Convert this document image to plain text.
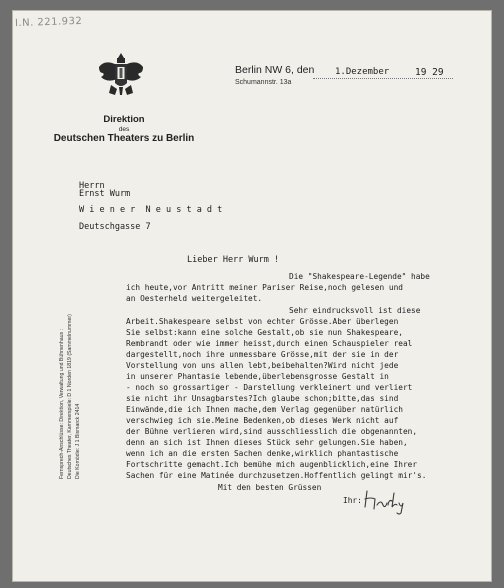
I.N. 221.932
Direktion
des
Deutschen Theaters zu Berlin
Berlin NW 6, den
Schumannstr. 13a
1.Dezember	19 29
Fernsprech-Anschlüsse: Direktion, Verwaltung und Bühnenhaus : Deutsches Theater, Kammerspiele: D 1 Norden 1819 (Sammelnummer) Die Komödie: J 1 Bismarck 2414
Herrn
Ernst Wurm
W i e n e r  N e u s t a d t
Deutschgasse 7
Lieber Herr Wurm !
Die "Shakespeare-Legende" habe
ich heute,vor Antritt meiner Pariser Reise,noch gelesen und
an Oesterheld weitergeleitet.
Sehr eindrucksvoll ist diese
Arbeit.Shakespeare selbst von echter Grösse.Aber überlegen
Sie selbst:kann eine solche Gestalt,ob sie nun Shakespeare,
Rembrandt oder wie immer heisst,durch einen Schauspieler real
dargestellt,noch ihre unmessbare Grösse,mit der sie in der
Vorstellung von uns allen lebt,beibehalten?Wird nicht jede
in unserer Phantasie lebende,überlebensgrosse Gestalt in
- noch so grossartiger - Darstellung verkleinert und verliert
sie nicht ihr Unsagbarstes?Ich glaube schon;bitte,das sind
Einwände,die ich Ihnen mache,dem Verlag gegenüber natürlich
verschwieg ich sie.Meine Bedenken,ob dieses Werk nicht auf
der Bühne verlieren wird,sind ausschliesslich die obgenannten,
denn an sich ist Ihnen dieses Stück sehr gelungen.Sie haben,
wenn ich an die ersten Sachen denke,wirklich phantastische
Fortschritte gemacht.Ich bemühe mich augenblicklich,eine Ihrer
Sachen für eine Matinée durchzusetzen.Hoffentlich gelingt mir's.
Mit den besten Grüssen
Ihr:
